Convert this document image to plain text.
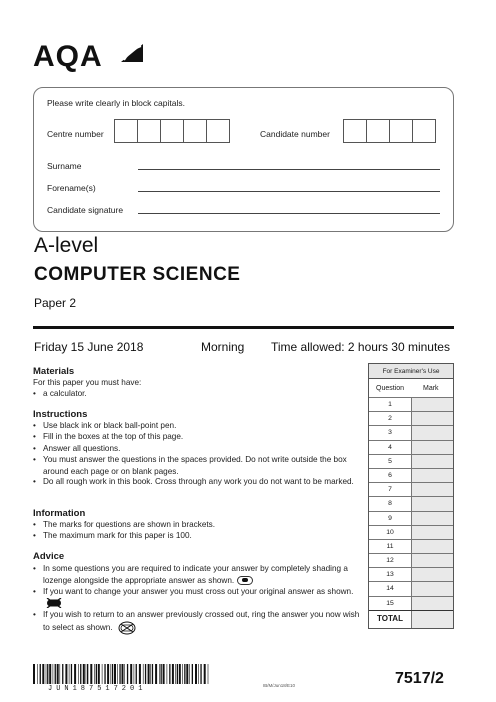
AQA
Please write clearly in block capitals.
Centre number	Candidate number
Surname
Forename(s)
Candidate signature
A-level
COMPUTER SCIENCE
Paper 2
Friday 15 June 2018	Morning Time allowed: 2 hours 30 minutes
Materials
For this paper you must have:
• a calculator.
Instructions
• Use black ink or black ball-point pen.
• Fill in the boxes at the top of this page.
• Answer all questions.
• You must answer the questions in the spaces provided. Do not write outside the box around each page or on blank pages.
• Do all rough work in this book. Cross through any work you do not want to be marked.
Information
• The marks for questions are shown in brackets.
• The maximum mark for this paper is 100.
Advice
• In some questions you are required to indicate your answer by completely shading a lozenge alongside the appropriate answer as shown.
• If you want to change your answer you must cross out your original answer as shown.
• If you wish to return to an answer previously crossed out, ring the answer you now wish to select as shown.
For Examiner's Use
Question	Mark
1
2
3
4
5
6
7
8
9
10
11
12
13
14
15
TOTAL
JUN187517201	IB/M/Jun18/E10	7517/2
